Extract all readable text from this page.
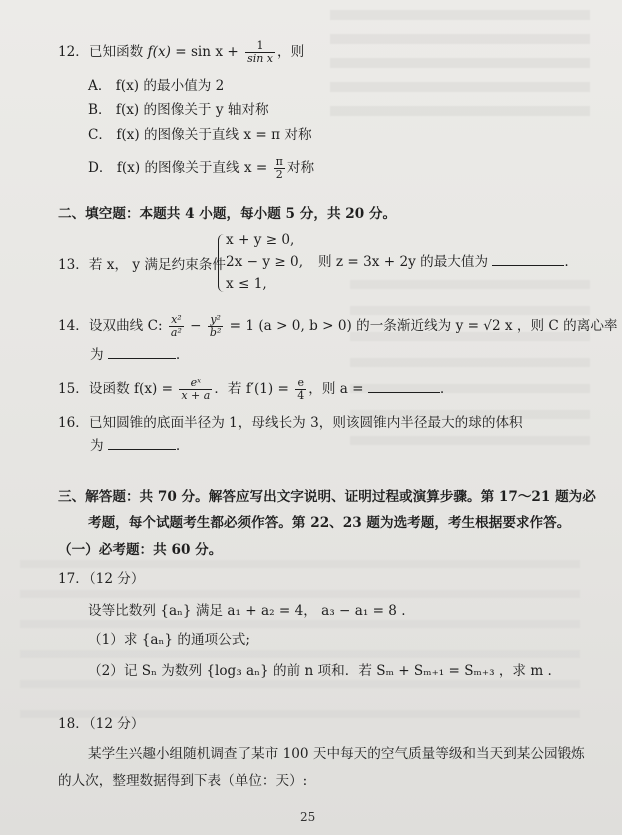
12．已知函数 $f(x) = \sin x + \frac{1}{\text{sin x}}$ ，则
A． f(x) 的最小值为 2
B． f(x) 的图像关于 y 轴对称
C． f(x) 的图像关于直线 x = π 对称
D． f(x) 的图像关于直线 $x = \frac{\pi}{2}$ 对称
二、填空题：本题共 4 小题，每小题 5 分，共 20 分。
13．若 x， y 满足约束条件
x + y ≥ 0,
2x − y ≥ 0,
x ≤ 1,
则 z = 3x + 2y 的最大值为	.
14．设双曲线 C: $\frac{\text{x²}}{\text{a²}} - \frac{\text{y²}}{\text{b²}} = 1$ (a > 0, b > 0) 的一条渐近线为 y = √2 x ，则 C 的离心率
为	.
15．设函数 $f(x) = \frac{\text{eˣ}}{x + a}$ ．若 $f'(1) = \frac{e}{4}$ ，则 a =	.
16．已知圆锥的底面半径为 1，母线长为 3，则该圆锥内半径最大的球的体积
为	.
三、解答题：共 70 分。解答应写出文字说明、证明过程或演算步骤。第 17～21 题为必
考题，每个试题考生都必须作答。第 22、23 题为选考题，考生根据要求作答。
（一）必考题：共 60 分。
17．（12 分）
设等比数列 {aₙ} 满足 a₁ + a₂ = 4， a₃ − a₁ = 8 .
（1）求 {aₙ} 的通项公式;
（2）记 Sₙ 为数列 {log₃ aₙ} 的前 n 项和．若 Sₘ + Sₘ₊₁ = Sₘ₊₃ ，求 m .
18．（12 分）
某学生兴趣小组随机调查了某市 100 天中每天的空气质量等级和当天到某公园锻炼
的人次，整理数据得到下表（单位：天）:
25
